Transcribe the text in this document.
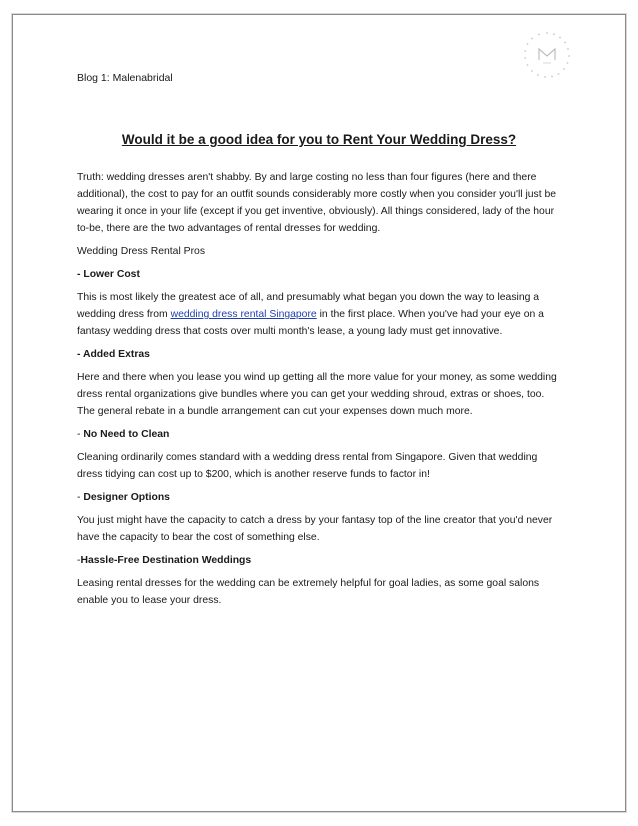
Blog 1: Malenabridal
Would it be a good idea for you to Rent Your Wedding Dress?

Truth: wedding dresses aren't shabby. By and large costing no less than four figures (here and there additional), the cost to pay for an outfit sounds considerably more costly when you consider you'll just be wearing it once in your life (except if you get inventive, obviously). All things considered, lady of the hour to-be, there are the two advantages of rental dresses for wedding.

Wedding Dress Rental Pros

- Lower Cost

This is most likely the greatest ace of all, and presumably what began you down the way to leasing a wedding dress from wedding dress rental Singapore in the first place. When you've had your eye on a fantasy wedding dress that costs over multi month's lease, a young lady must get innovative.

- Added Extras

Here and there when you lease you wind up getting all the more value for your money, as some wedding dress rental organizations give bundles where you can get your wedding shroud, extras or shoes, too. The general rebate in a bundle arrangement can cut your expenses down much more.

- No Need to Clean

Cleaning ordinarily comes standard with a wedding dress rental from Singapore. Given that wedding dress tidying can cost up to $200, which is another reserve funds to factor in!

- Designer Options

You just might have the capacity to catch a dress by your fantasy top of the line creator that you'd never have the capacity to bear the cost of something else.

-Hassle-Free Destination Weddings

Leasing rental dresses for the wedding can be extremely helpful for goal ladies, as some goal salons enable you to lease your dress.
